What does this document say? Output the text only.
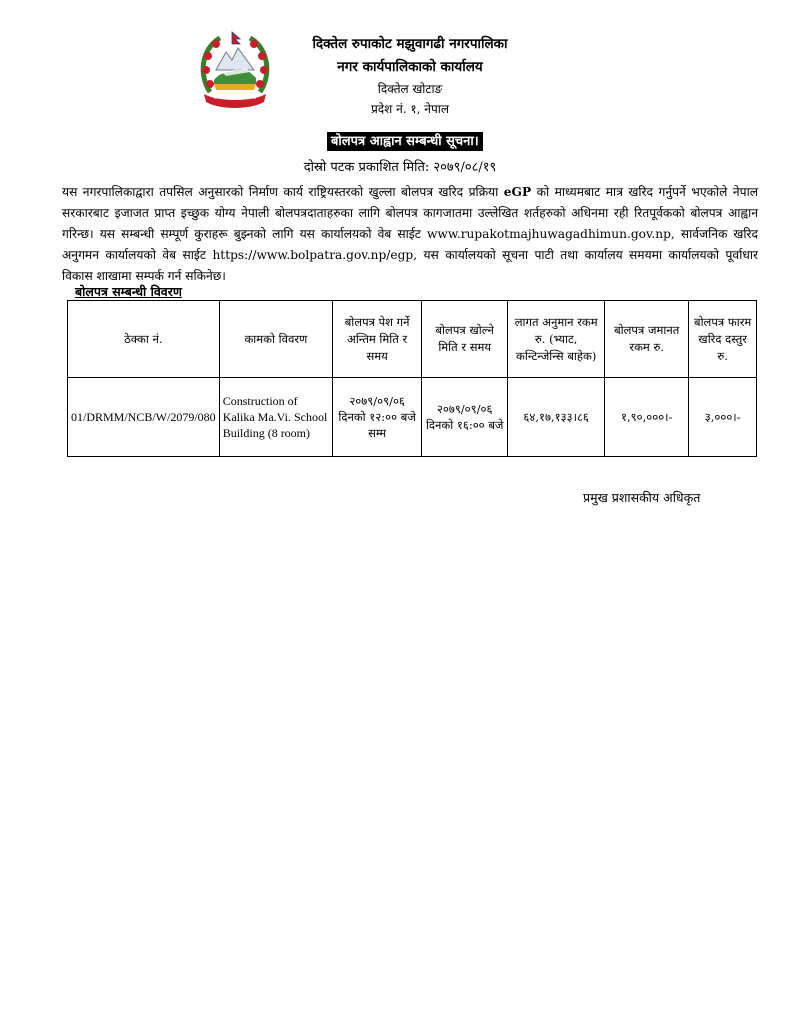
दिक्तेल रुपाकोट मझुवागढी नगरपालिका
नगर कार्यपालिकाको कार्यालय
दिक्तेल खोटाङ
प्रदेश नं. १, नेपाल
बोलपत्र आह्वान सम्बन्धी सूचना।
दोस्रो पटक प्रकाशित मिति: २०७९/०८/१९
यस नगरपालिकाद्वारा तपसिल अनुसारको निर्माण कार्य राष्ट्रियस्तरको खुल्ला बोलपत्र खरिद प्रक्रिया eGP को माध्यमबाट मात्र खरिद गर्नुपर्ने भएकोले नेपाल सरकारबाट इजाजत प्राप्त इच्छुक योग्य नेपाली बोलपत्रदाताहरुका लागि बोलपत्र कागजातमा उल्लेखित शर्तहरुको अधिनमा रही रितपूर्वकको बोलपत्र आह्वान गरिन्छ। यस सम्बन्धी सम्पूर्ण कुराहरू बुझ्नको लागि यस कार्यालयको वेब साईट www.rupakotmajhuwagadhimun.gov.np, सार्वजनिक खरिद अनुगमन कार्यालयको वेब साईट https://www.bolpatra.gov.np/egp, यस कार्यालयको सूचना पाटी तथा कार्यालय समयमा कार्यालयको पूर्वाधार विकास शाखामा सम्पर्क गर्न सकिनेछ।
बोलपत्र सम्बन्धी विवरण
ठेक्का नं.	कामको विवरण	बोलपत्र पेश गर्ने अन्तिम मिति र समय	बोलपत्र खोल्ने मिति र समय	लागत अनुमान रकम रु. (भ्याट, कन्टिन्जेन्सि बाहेक)	बोलपत्र जमानत रकम रु.	बोलपत्र फारम खरिद दस्तुर रु.
01/DRMM/NCB/W/2079/080	Construction of Kalika Ma.Vi. School Building (8 room)	२०७९/०९/०६ दिनको १२:०० बजे सम्म	२०७९/०९/०६ दिनको १६:०० बजे	६४,१७,१३३।८६	१,९०,०००।-	३,०००।-
प्रमुख प्रशासकीय अधिकृत
